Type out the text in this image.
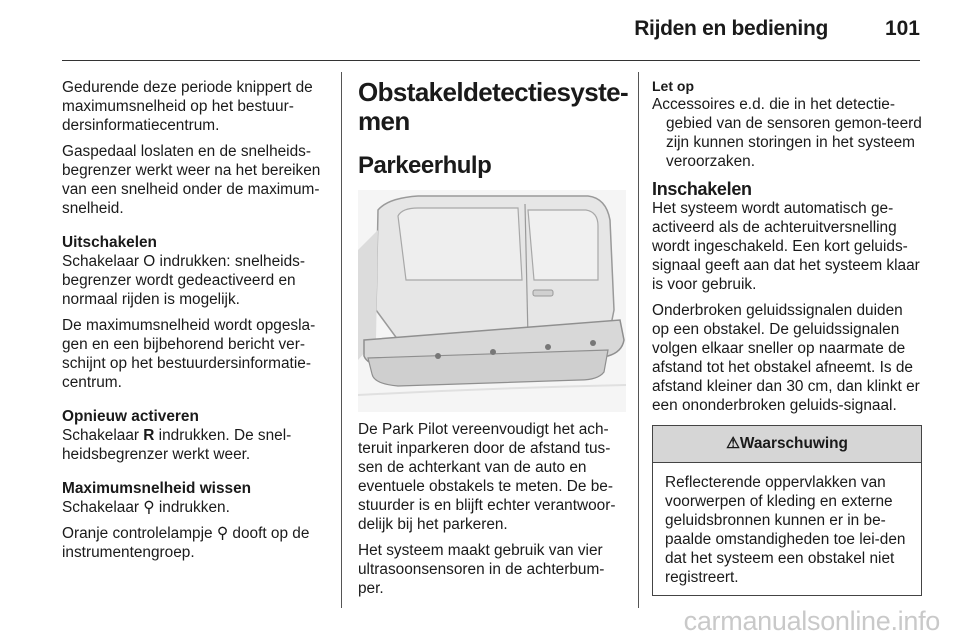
Rijden en bediening	101

Gedurende deze periode knippert de maximumsnelheid op het bestuur-dersinformatiecentrum.

Gaspedaal loslaten en de snelheids-begrenzer werkt weer na het bereiken van een snelheid onder de maximum-snelheid.

Uitschakelen

Schakelaar O indrukken: snelheids-begrenzer wordt gedeactiveerd en normaal rijden is mogelijk.

De maximumsnelheid wordt opgesla-gen en een bijbehorend bericht ver-schijnt op het bestuurdersinformatie-centrum.

Opnieuw activeren

Schakelaar R indrukken. De snel-heidsbegrenzer werkt weer.

Maximumsnelheid wissen

Schakelaar ⚲ indrukken.

Oranje controlelampje ⚲ dooft op de instrumentengroep.

Obstakeldetectiesyste-men
Parkeerhulp

De Park Pilot vereenvoudigt het ach-teruit inparkeren door de afstand tus-sen de achterkant van de auto en eventuele obstakels te meten. De be-stuurder is en blijft echter verantwoor-delijk bij het parkeren.

Het systeem maakt gebruik van vier ultrasoonsensoren in de achterbum-per.

Let op

Accessoires e.d. die in het detectie-gebied van de sensoren gemon-teerd zijn kunnen storingen in het systeem veroorzaken.

Inschakelen

Het systeem wordt automatisch ge-activeerd als de achteruitversnelling wordt ingeschakeld. Een kort geluids-signaal geeft aan dat het systeem klaar is voor gebruik.

Onderbroken geluidssignalen duiden op een obstakel. De geluidssignalen volgen elkaar sneller op naarmate de afstand tot het obstakel afneemt. Is de afstand kleiner dan 30 cm, dan klinkt er een ononderbroken geluids-signaal.

⚠Waarschuwing
Reflecterende oppervlakken van voorwerpen of kleding en externe geluidsbronnen kunnen er in be-paalde omstandigheden toe lei-den dat het systeem een obstakel niet registreert.
carmanualsonline.info
